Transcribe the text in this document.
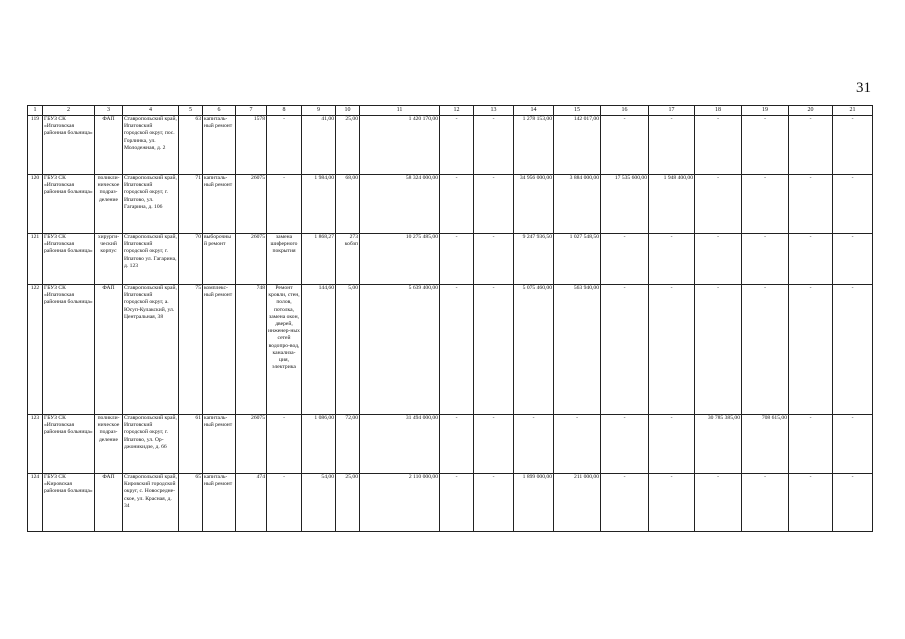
31
1	2	3	4	5	6	7	8	9	10	11	12	13	14	15	16	17	18	19	20	21
119	ГБУЗ СК «Ипатовская районная больница»	ФАП	Ставропольский край, Ипатовский городской округ, пос. Горлинка, ул. Молодежная, д. 2	63	капиталь-ный ремонт	1578	-	41,00	25,00	1 420 170,00	-	-	1 278 153,00	142 017,00	-	-	-	-	-	-
120	ГБУЗ СК «Ипатовская районная больница»	поликли-ническое подраз-деление	Ставропольский край, Ипатовский городской округ, г. Ипатово, ул. Гагарина, д. 106	71	капиталь-ный ремонт	26075	-	1 984,00	68,00	58 324 000,00	-	-	34 956 000,00	3 884 000,00	17 535 600,00	1 948 400,00	-	-	-	-
121	ГБУЗ СК «Ипатовская районная больница»	хирурги-ческий корпус	Ставропольский край, Ипатовский городской округ, г. Ипатово ул. Гагарина, д. 123	70	выборочный ремонт	26075	замена шиферного покрытия	1 868,27	273 кобзп	10 275 485,00	-	-	9 247 936,50	1 027 548,50	-	-	-	-	-	-
122	ГБУЗ СК «Ипатовская районная больница»	ФАП	Ставропольский край, Ипатовский городской округ, а. Юсуп-Кулакский, ул. Центральная, 38	75	комплекс-ный ремонт	748	Ремонт кровли, стен, полов, потолка, замена окон, дверей, инженер-ных сетей водопро-вод, канализа-ция, электрика	144,60	5,00	5 639 400,00	-	-	5 075 460,00	563 940,00	-	-	-	-	-	-
123	ГБУЗ СК «Ипатовская районная больница»	поликли-ническое подраз-деление	Ставропольский край, Ипатовский городской округ, г. Ипатово, ул. Ор-джоникидзе, д. 66	61	капиталь-ный ремонт	26075	-	1 086,00	72,00	31 494 000,00	-	-	-	-	-	-	30 785 385,00	708 615,00	-	-
124	ГБУЗ СК «Кировская районная больница»	ФАП	Ставропольский край, Кировский городской округ, с. Новосредне-ское, ул. Красная, д. 34	65	капиталь-ный ремонт	474	-	54,00	25,00	2 110 000,00	-	-	1 899 000,00	211 000,00	-	-	-	-	-	-
